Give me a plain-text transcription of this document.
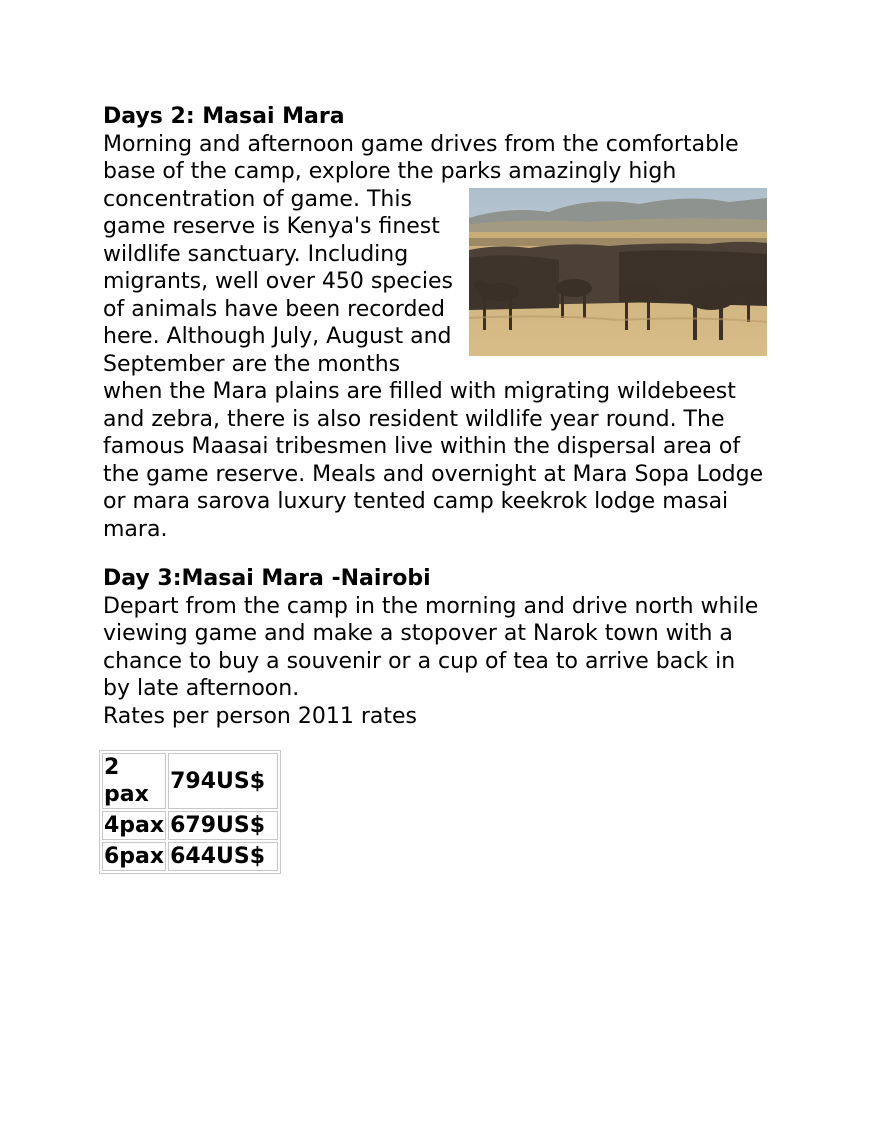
Days 2: Masai Mara

Morning and afternoon game drives from the comfortable base of the camp, explore the parks amazingly high

concentration of game. This game reserve is Kenya's finest wildlife sanctuary. Including migrants, well over 450 species of animals have been recorded here. Although July, August and September are the months when the Mara plains are filled with migrating wildebeest and zebra, there is also resident wildlife year round. The famous Maasai tribesmen live within the dispersal area of the game reserve. Meals and overnight at Mara Sopa Lodge or mara sarova luxury tented camp keekrok lodge masai mara.

Day 3:Masai Mara -Nairobi

Depart from the camp in the morning and drive north while viewing game and make a stopover at Narok town with a chance to buy a souvenir or a cup of tea to arrive back in by late afternoon.

Rates per person 2011 rates

2 pax	794US$
4pax	679US$
6pax	644US$
